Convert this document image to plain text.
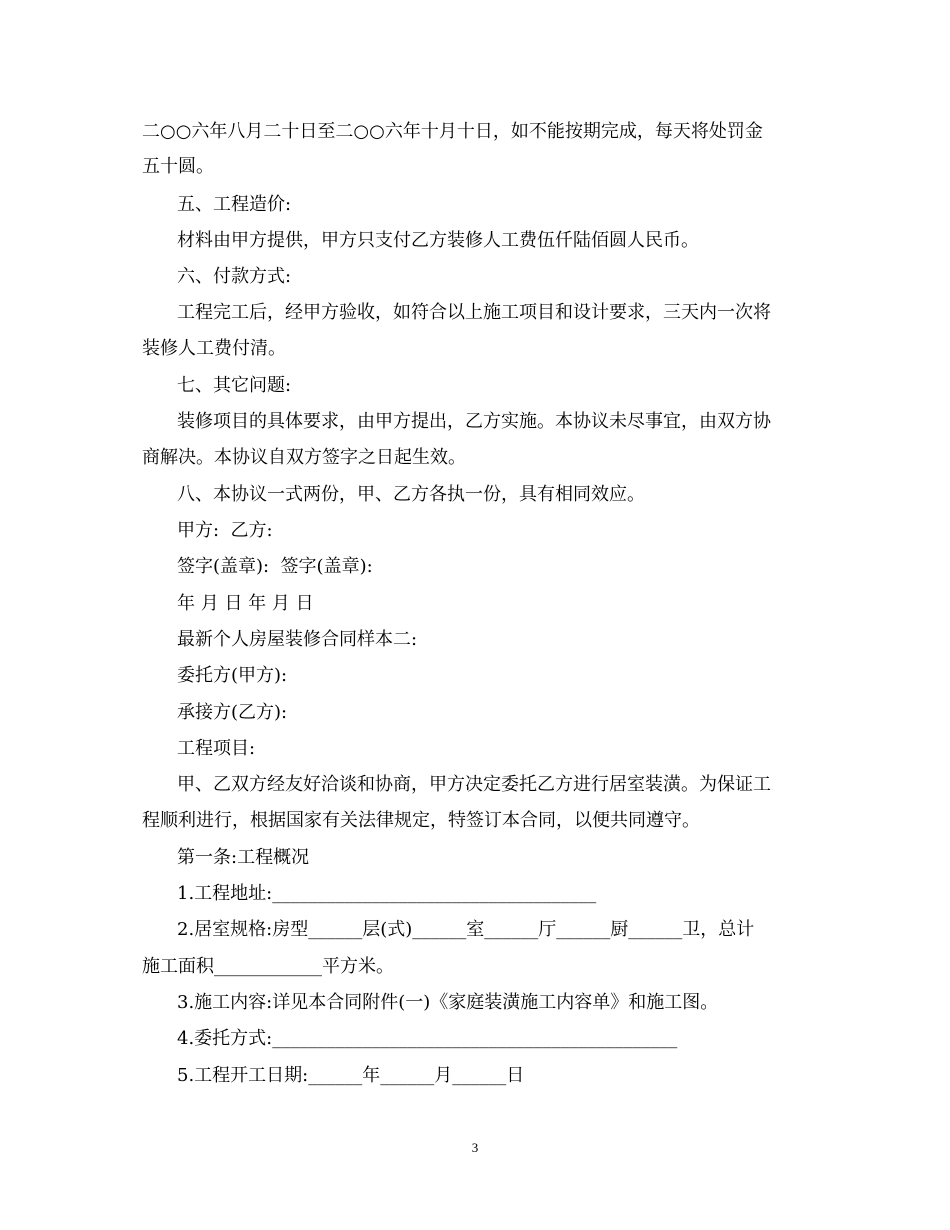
二○○六年八月二十日至二○○六年十月十日，如不能按期完成，每天将处罚金
五十圆。
五、工程造价:
材料由甲方提供，甲方只支付乙方装修人工费伍仟陆佰圆人民币。
六、付款方式:
工程完工后，经甲方验收，如符合以上施工项目和设计要求，三天内一次将
装修人工费付清。
七、其它问题:
装修项目的具体要求，由甲方提出，乙方实施。本协议未尽事宜，由双方协
商解决。本协议自双方签字之日起生效。
八、本协议一式两份，甲、乙方各执一份，具有相同效应。
甲方:  乙方:
签字(盖章):  签字(盖章):
年 月 日 年 月 日
最新个人房屋装修合同样本二:
委托方(甲方):
承接方(乙方):
工程项目:
甲、乙双方经友好洽谈和协商，甲方决定委托乙方进行居室装潢。为保证工
程顺利进行，根据国家有关法律规定，特签订本合同，以便共同遵守。
第一条:工程概况
1.工程地址:____________________________________
2.居室规格:房型______层(式)______室______厅______厨______卫，总计
施工面积____________平方米。
3.施工内容:详见本合同附件(一)《家庭装潢施工内容单》和施工图。
4.委托方式:_____________________________________________
5.工程开工日期:______年______月______日
3
